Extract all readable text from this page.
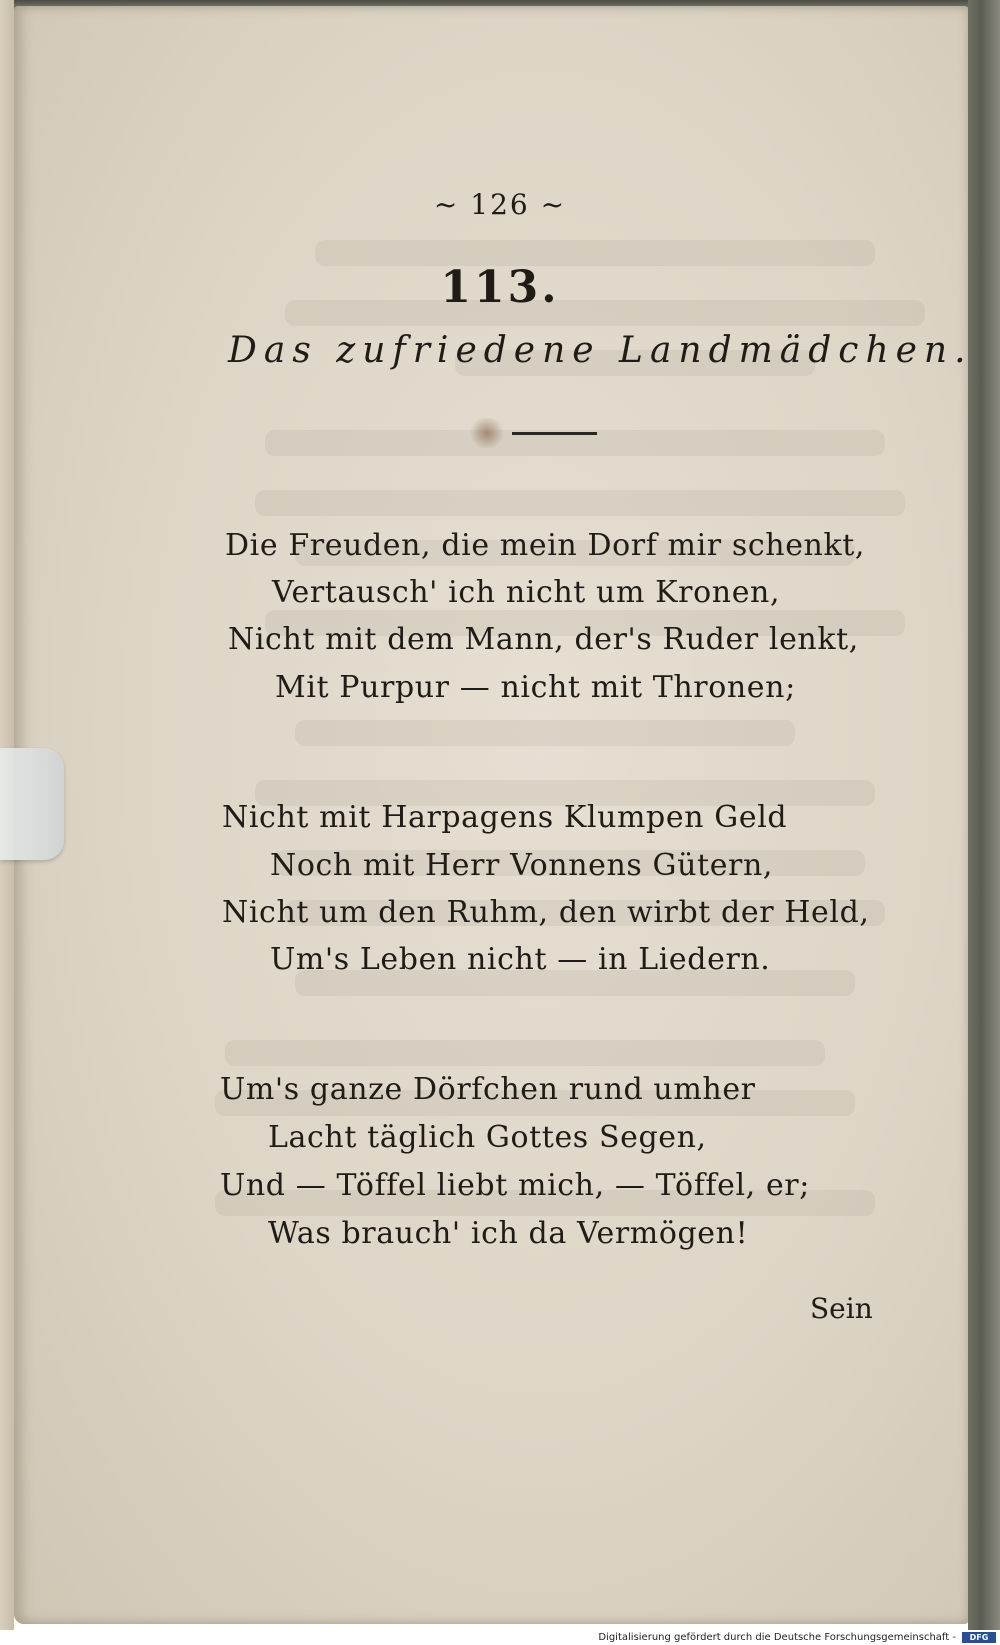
~ 126 ~
113.
Das zufriedene Landmädchen.
Die Freuden, die mein Dorf mir schenkt,
Vertausch' ich nicht um Kronen,
Nicht mit dem Mann, der's Ruder lenkt,
Mit Purpur — nicht mit Thronen;
Nicht mit Harpagens Klumpen Geld
Noch mit Herr Vonnens Gütern,
Nicht um den Ruhm, den wirbt der Held,
Um's Leben nicht — in Liedern.
Um's ganze Dörfchen rund umher
Lacht täglich Gottes Segen,
Und — Töffel liebt mich, — Töffel, er;
Was brauch' ich da Vermögen!
Sein
Digitalisierung gefördert durch die Deutsche Forschungsgemeinschaft -	DFG
